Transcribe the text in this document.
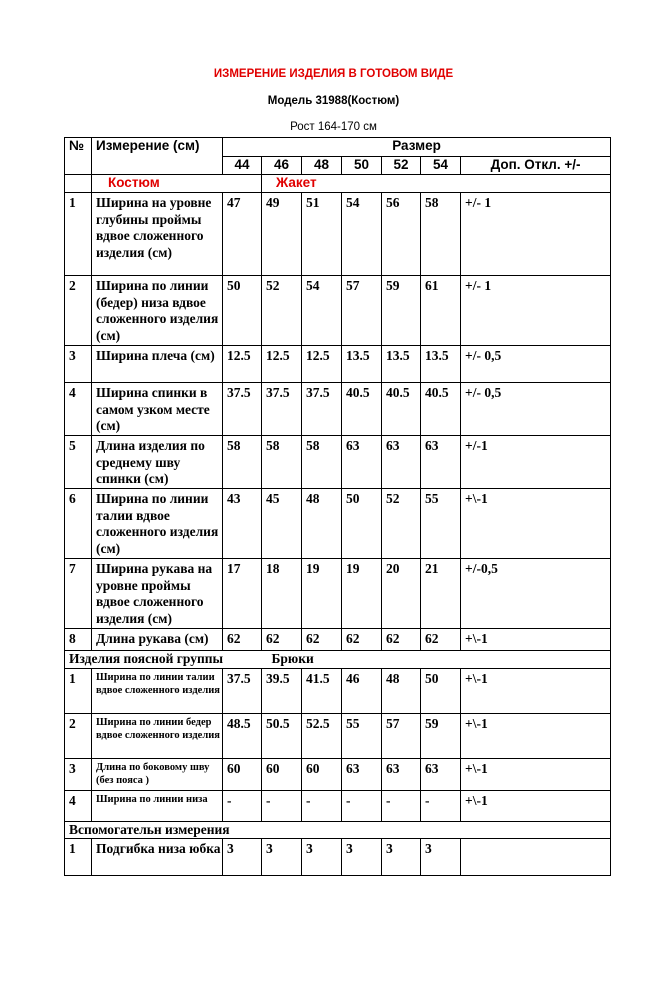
ИЗМЕРЕНИЕ ИЗДЕЛИЯ В ГОТОВОМ ВИДЕ
Модель 31988(Костюм)
Рост 164-170 см
№	Измерение (см)	Размер						
		44	46	48	50	52	54	Доп. Откл. +/-
	Костюм		Жакет					
1	Ширина на уровне глубины проймы вдвое сложенного изделия (см)	47	49	51	54	56	58	+/- 1
2	Ширина по линии (бедер) низа вдвое сложенного изделия (см)	50	52	54	57	59	61	+/- 1
3	Ширина плеча (см)	12.5	12.5	12.5	13.5	13.5	13.5	+/- 0,5
4	Ширина спинки в самом узком месте (см)	37.5	37.5	37.5	40.5	40.5	40.5	+/- 0,5
5	Длина изделия по среднему шву спинки (см)	58	58	58	63	63	63	+/-1
6	Ширина по линии талии вдвое сложенного изделия (см)	43	45	48	50	52	55	+\-1
7	Ширина рукава на уровне проймы вдвое сложенного изделия (см)	17	18	19	19	20	21	+/-0,5
8	Длина рукава (см)	62	62	62	62	62	62	+\-1
Изделия поясной группы			Брюки					
1	Ширина по линии талии вдвое сложенного изделия	37.5	39.5	41.5	46	48	50	+\-1
2	Ширина по линии бедер вдвое сложенного изделия	48.5	50.5	52.5	55	57	59	+\-1
3	Длина по боковому шву (без пояса )	60	60	60	63	63	63	+\-1
4	Ширина по линии низа	-	-	-	-	-	-	+\-1
Вспомогательн измерения								
1	Подгибка низа юбка	3	3	3	3	3	3	
